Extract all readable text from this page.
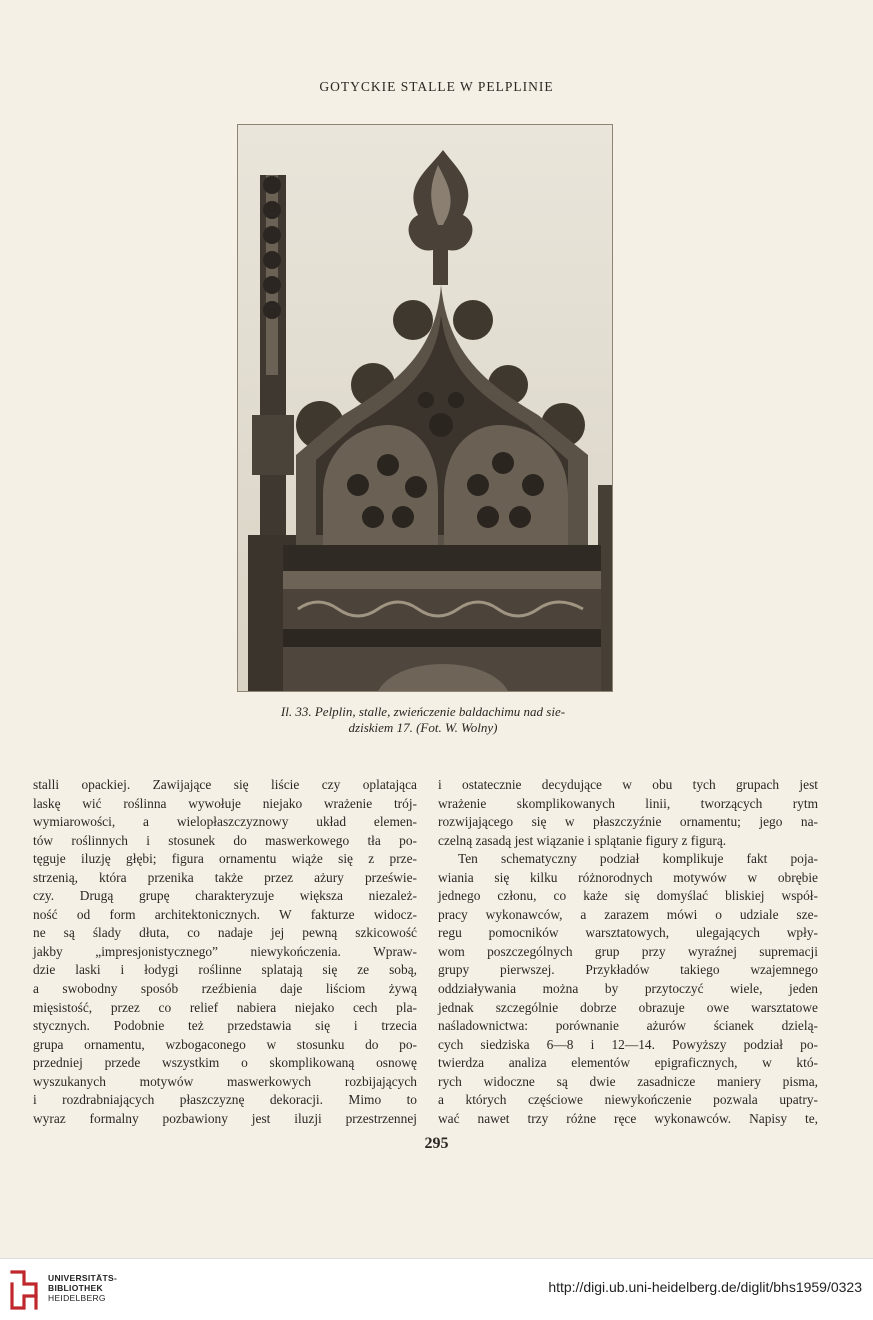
GOTYCKIE STALLE W PELPLINIE
Il. 33. Pelplin, stalle, zwieńczenie baldachimu nad sie-
dziskiem 17. (Fot. W. Wolny)
stalli opackiej. Zawijające się liście czy oplatająca
laskę wić roślinna wywołuje niejako wrażenie trój-
wymiarowości, a wielopłaszczyznowy układ elemen-
tów roślinnych i stosunek do maswerkowego tła po-
tęguje iluzję głębi; figura ornamentu wiąże się z prze-
strzenią, która przenika także przez ażury prześwie-
czy. Drugą grupę charakteryzuje większa niezależ-
ność od form architektonicznych. W fakturze widocz-
ne są ślady dłuta, co nadaje jej pewną szkicowość
jakby „impresjonistycznego” niewykończenia. Wpraw-
dzie laski i łodygi roślinne splatają się ze sobą,
a swobodny sposób rzeźbienia daje liściom żywą
mięsistość, przez co relief nabiera niejako cech pla-
stycznych. Podobnie też przedstawia się i trzecia
grupa ornamentu, wzbogaconego w stosunku do po-
przedniej przede wszystkim o skomplikowaną osnowę
wyszukanych motywów maswerkowych rozbijających
i rozdrabniających płaszczyznę dekoracji. Mimo to
wyraz formalny pozbawiony jest iluzji przestrzennej
i ostatecznie decydujące w obu tych grupach jest
wrażenie skomplikowanych linii, tworzących rytm
rozwijającego się w płaszczyźnie ornamentu; jego na-
czelną zasadą jest wiązanie i splątanie figury z figurą.
Ten schematyczny podział komplikuje fakt poja-
wiania się kilku różnorodnych motywów w obrębie
jednego członu, co każe się domyślać bliskiej współ-
pracy wykonawców, a zarazem mówi o udziale sze-
regu pomocników warsztatowych, ulegających wpły-
wom poszczególnych grup przy wyraźnej supremacji
grupy pierwszej. Przykładów takiego wzajemnego
oddziaływania można by przytoczyć wiele, jeden
jednak szczególnie dobrze obrazuje owe warsztatowe
naśladownictwa: porównanie ażurów ścianek dzielą-
cych siedziska 6—8 i 12—14. Powyższy podział po-
twierdza analiza elementów epigraficznych, w któ-
rych widoczne są dwie zasadnicze maniery pisma,
a których częściowe niewykończenie pozwala upatry-
wać nawet trzy różne ręce wykonawców. Napisy te,
295
UNIVERSITÄTS-
BIBLIOTHEK
HEIDELBERG
http://digi.ub.uni-heidelberg.de/diglit/bhs1959/0323
